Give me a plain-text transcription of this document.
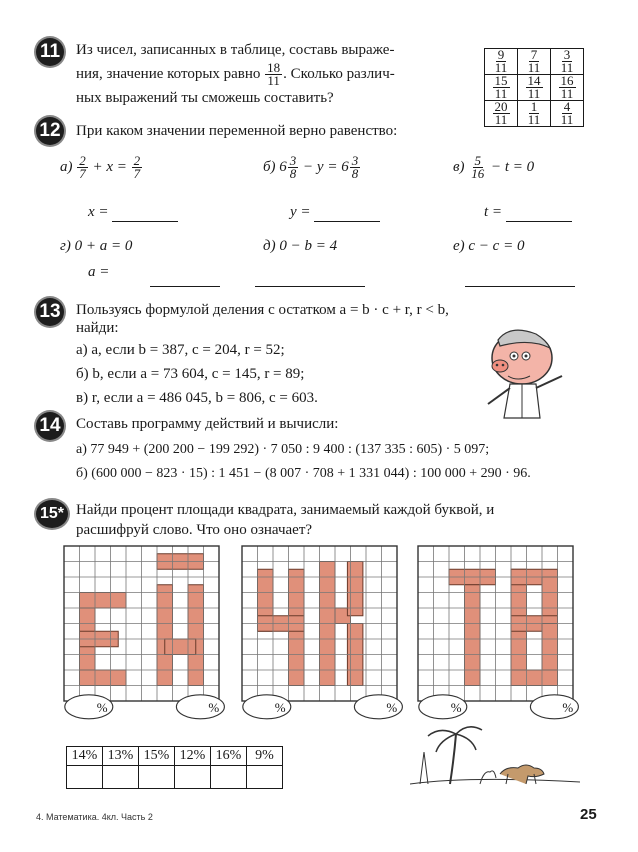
11 Из чисел, записанных в таблице, составь выраже-
ния, значение которых равно $\frac{18}{11}$ . Сколько различ-
ных выражений ты сможешь составить?
$\frac{9}{11}$	$\frac{7}{11}$	$\frac{3}{11}$

$\frac{15}{11}$	$\frac{14}{11}$	$\frac{16}{11}$

$\frac{20}{11}$	$\frac{1}{11}$	$\frac{4}{11}$
12 При каком значении переменной верно равенство:
$а) \frac{2}{7} + x = \frac{2}{7}$	б) $6 \frac{3}{8} - y = 6 \frac{3}{8}$	$в) \frac{5}{16} - t = 0$
x =	y =	t =
г) 0 + a = 0	д) 0 − b = 4	е) c − c = 0
a =
13 Пользуясь формулой деления с остатком a = b · c + r, r < b,
найди:
а) a, если b = 387, c = 204, r = 52;
б) b, если a = 73 604, c = 145, r = 89;
в) r, если a = 486 045, b = 806, c = 603.
14 Составь программу действий и вычисли:
а) 77 949 + (200 200 − 199 292) · 7 050 : 9 400 : (137 335 : 605) · 5 097;
б) (600 000 − 823 · 15) : 1 451 − (8 007 · 708 + 1 331 044) : 100 000 + 290 · 96.
15* Найди процент площади квадрата, занимаемый каждой буквой, и
расшифруй слово. Что оно означает?
%	%	%	%	%	%
14%	13%	15%	12%	16%	9%

4. Математика. 4кл. Часть 2	25
